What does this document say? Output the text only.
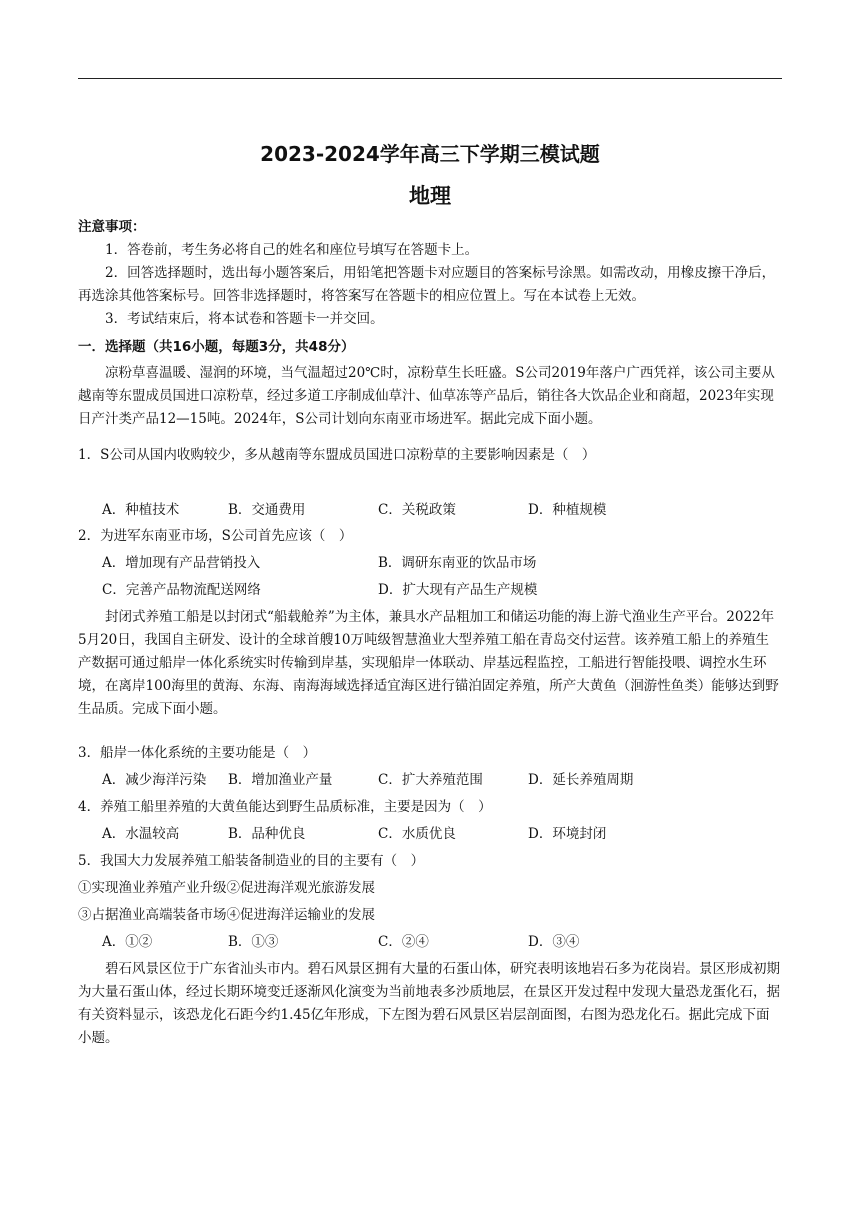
2023-2024学年高三下学期三模试题
地理
注意事项：
1．答卷前，考生务必将自己的姓名和座位号填写在答题卡上。
2．回答选择题时，选出每小题答案后，用铅笔把答题卡对应题目的答案标号涂黑。如需改动，用橡皮擦干净后，再选涂其他答案标号。回答非选择题时，将答案写在答题卡的相应位置上。写在本试卷上无效。
3．考试结束后，将本试卷和答题卡一并交回。
一．选择题（共16小题，每题3分，共48分）
凉粉草喜温暖、湿润的环境，当气温超过20℃时，凉粉草生长旺盛。S公司2019年落户广西凭祥，该公司主要从越南等东盟成员国进口凉粉草，经过多道工序制成仙草汁、仙草冻等产品后，销往各大饮品企业和商超，2023年实现日产汁类产品12—15吨。2024年，S公司计划向东南亚市场进军。据此完成下面小题。
1．S公司从国内收购较少，多从越南等东盟成员国进口凉粉草的主要影响因素是（　）
A．种植技术	B．交通费用	C．关税政策	D．种植规模
2．为进军东南亚市场，S公司首先应该（　）
A．增加现有产品营销投入	B．调研东南亚的饮品市场
C．完善产品物流配送网络	D．扩大现有产品生产规模
封闭式养殖工船是以封闭式“船载舱养”为主体，兼具水产品粗加工和储运功能的海上游弋渔业生产平台。2022年5月20日，我国自主研发、设计的全球首艘10万吨级智慧渔业大型养殖工船在青岛交付运营。该养殖工船上的养殖生产数据可通过船岸一体化系统实时传输到岸基，实现船岸一体联动、岸基远程监控，工船进行智能投喂、调控水生环境，在离岸100海里的黄海、东海、南海海域选择适宜海区进行锚泊固定养殖，所产大黄鱼（洄游性鱼类）能够达到野生品质。完成下面小题。
3．船岸一体化系统的主要功能是（　）
A．减少海洋污染 B．增加渔业产量	C．扩大养殖范围	D．延长养殖周期
4．养殖工船里养殖的大黄鱼能达到野生品质标准，主要是因为（　）
A．水温较高	B．品种优良	C．水质优良	D．环境封闭
5．我国大力发展养殖工船装备制造业的目的主要有（　）
①实现渔业养殖产业升级②促进海洋观光旅游发展
③占据渔业高端装备市场④促进海洋运输业的发展
A．①②	B．①③	C．②④	D．③④
碧石风景区位于广东省汕头市内。碧石风景区拥有大量的石蛋山体，研究表明该地岩石多为花岗岩。景区形成初期为大量石蛋山体，经过长期环境变迁逐渐风化演变为当前地表多沙质地层，在景区开发过程中发现大量恐龙蛋化石，据有关资料显示，该恐龙化石距今约1.45亿年形成，下左图为碧石风景区岩层剖面图，右图为恐龙化石。据此完成下面小题。
